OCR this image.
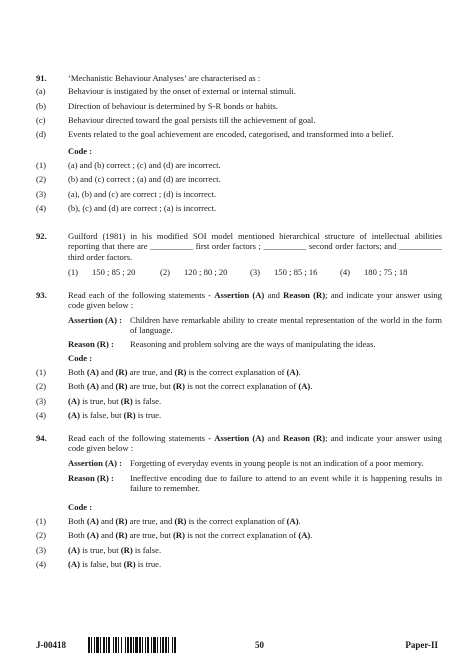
91. ‘Mechanistic Behaviour Analyses’ are characterised as :
(a)	Behaviour is instigated by the onset of external or internal stimuli.
(b)	Direction of behaviour is determined by S-R bonds or habits.
(c)	Behaviour directed toward the goal persists till the achievement of goal.
(d)	Events related to the goal achievement are encoded, categorised, and transformed into a belief.
Code :
(1)	(a) and (b) correct ; (c) and (d) are incorrect.
(2)	(b) and (c) correct ; (a) and (d) are incorrect.
(3)	(a), (b) and (c) are correct ; (d) is incorrect.
(4)	(b), (c) and (d) are correct ; (a) is incorrect.
92. Guilford (1981) in his modified SOI model mentioned hierarchical structure of intellectual abilities reporting that there are __________ first order factors ; __________ second order factors; and __________ third order factors.
(1)	150 ; 85 ; 20	(2)	120 ; 80 ; 20	(3)	150 ; 85 ; 16	(4)	180 ; 75 ; 18
93. Read each of the following statements - Assertion (A) and Reason (R); and indicate your answer using code given below :
Assertion (A) : Children have remarkable ability to create mental representation of the world in the form of language.
Reason (R) :	Reasoning and problem solving are the ways of manipulating the ideas.
Code :
(1)	Both (A) and (R) are true, and (R) is the correct explanation of (A).
(2)	Both (A) and (R) are true, but (R) is not the correct explanation of (A).
(3)	(A) is true, but (R) is false.
(4)	(A) is false, but (R) is true.
94. Read each of the following statements - Assertion (A) and Reason (R); and indicate your answer using code given below :
Assertion (A) : Forgetting of everyday events in young people is not an indication of a poor memory.
Reason (R) :	Ineffective encoding due to failure to attend to an event while it is happening results in failure to remember.
Code :
(1)	Both (A) and (R) are true, and (R) is the correct explanation of (A).
(2)	Both (A) and (R) are true, but (R) is not the correct explanation of (A).
(3)	(A) is true, but (R) is false.
(4)	(A) is false, but (R) is true.
J-00418	50	Paper-II
